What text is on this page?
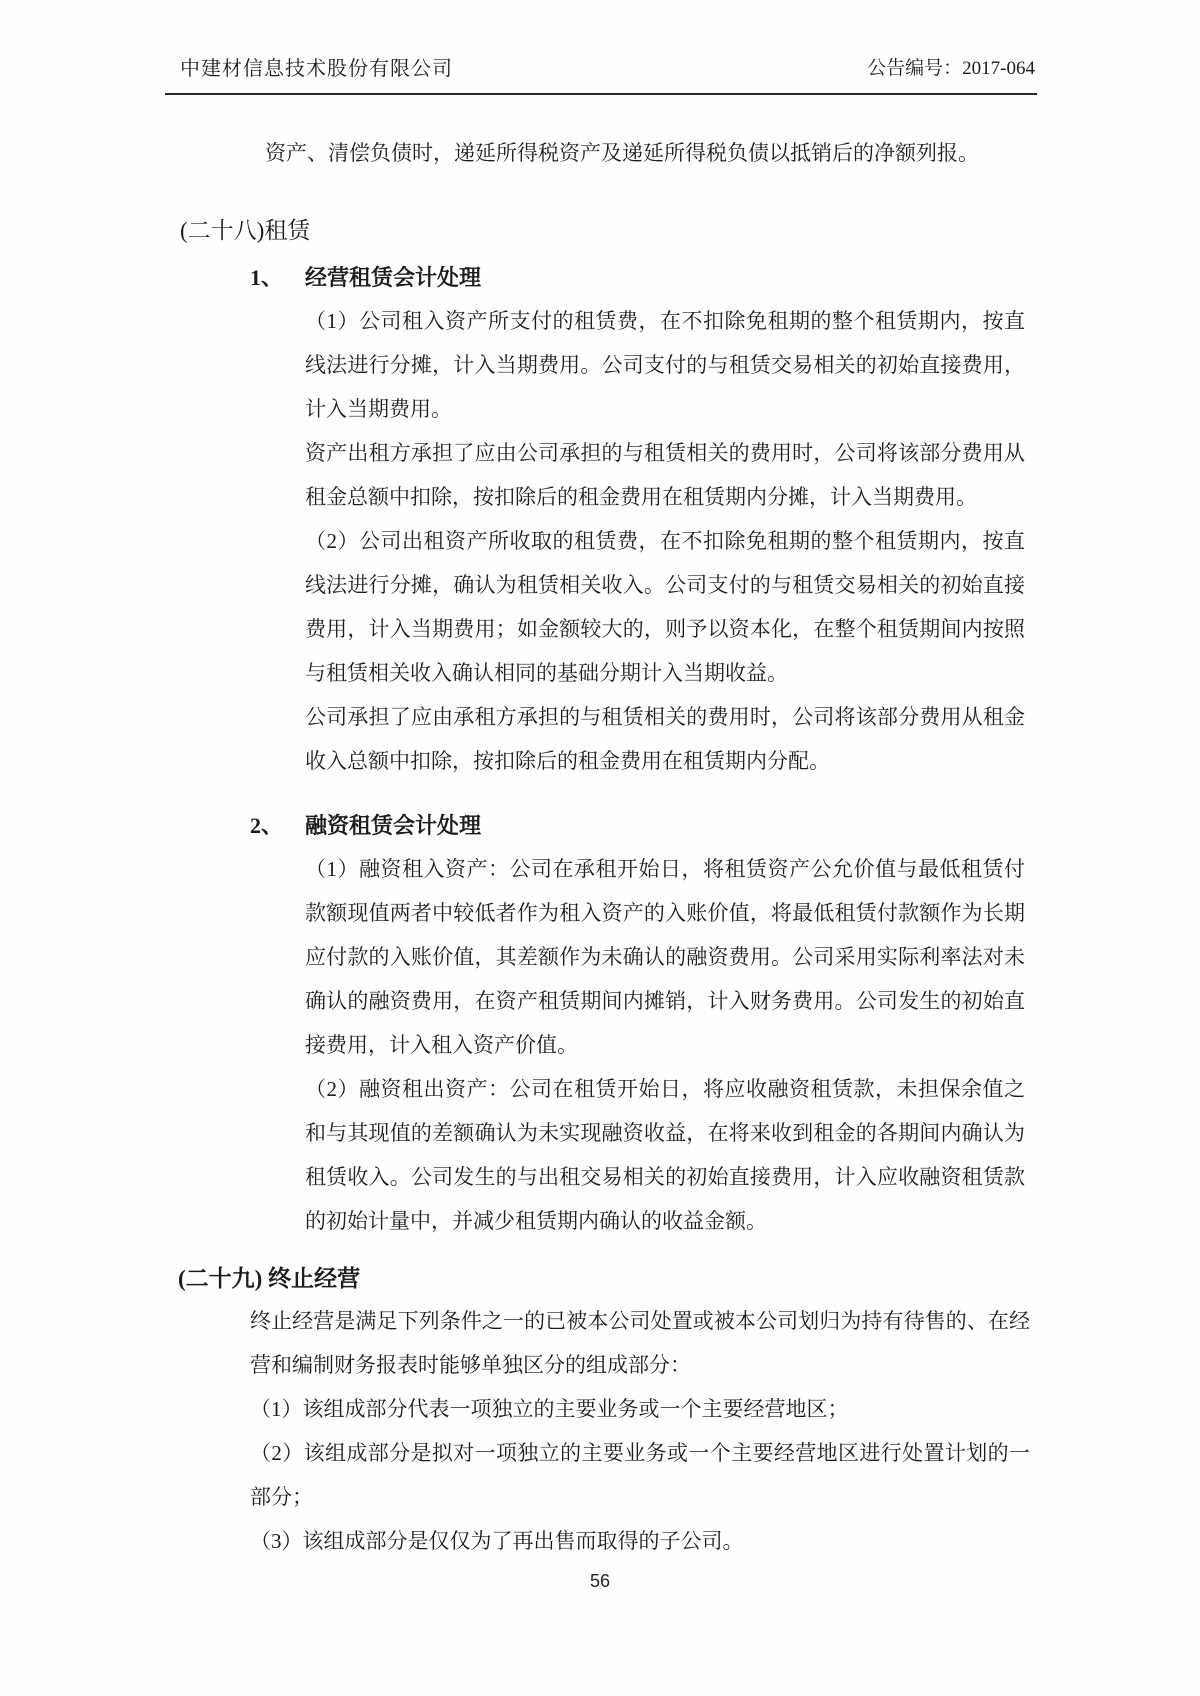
中建材信息技术股份有限公司	公告编号：2017-064

资产、清偿负债时，递延所得税资产及递延所得税负债以抵销后的净额列报。

(二十八)租赁
1、 经营租赁会计处理

（1）公司租入资产所支付的租赁费，在不扣除免租期的整个租赁期内，按直线法进行分摊，计入当期费用。公司支付的与租赁交易相关的初始直接费用，计入当期费用。

资产出租方承担了应由公司承担的与租赁相关的费用时，公司将该部分费用从租金总额中扣除，按扣除后的租金费用在租赁期内分摊，计入当期费用。

（2）公司出租资产所收取的租赁费，在不扣除免租期的整个租赁期内，按直线法进行分摊，确认为租赁相关收入。公司支付的与租赁交易相关的初始直接费用，计入当期费用；如金额较大的，则予以资本化，在整个租赁期间内按照与租赁相关收入确认相同的基础分期计入当期收益。

公司承担了应由承租方承担的与租赁相关的费用时，公司将该部分费用从租金收入总额中扣除，按扣除后的租金费用在租赁期内分配。

2、 融资租赁会计处理

（1）融资租入资产：公司在承租开始日，将租赁资产公允价值与最低租赁付款额现值两者中较低者作为租入资产的入账价值，将最低租赁付款额作为长期应付款的入账价值，其差额作为未确认的融资费用。公司采用实际利率法对未确认的融资费用，在资产租赁期间内摊销，计入财务费用。公司发生的初始直接费用，计入租入资产价值。

（2）融资租出资产：公司在租赁开始日，将应收融资租赁款，未担保余值之和与其现值的差额确认为未实现融资收益，在将来收到租金的各期间内确认为租赁收入。公司发生的与出租交易相关的初始直接费用，计入应收融资租赁款的初始计量中，并减少租赁期内确认的收益金额。

(二十九) 终止经营

终止经营是满足下列条件之一的已被本公司处置或被本公司划归为持有待售的、在经营和编制财务报表时能够单独区分的组成部分：

（1）该组成部分代表一项独立的主要业务或一个主要经营地区；

（2）该组成部分是拟对一项独立的主要业务或一个主要经营地区进行处置计划的一部分；

（3）该组成部分是仅仅为了再出售而取得的子公司。

56
